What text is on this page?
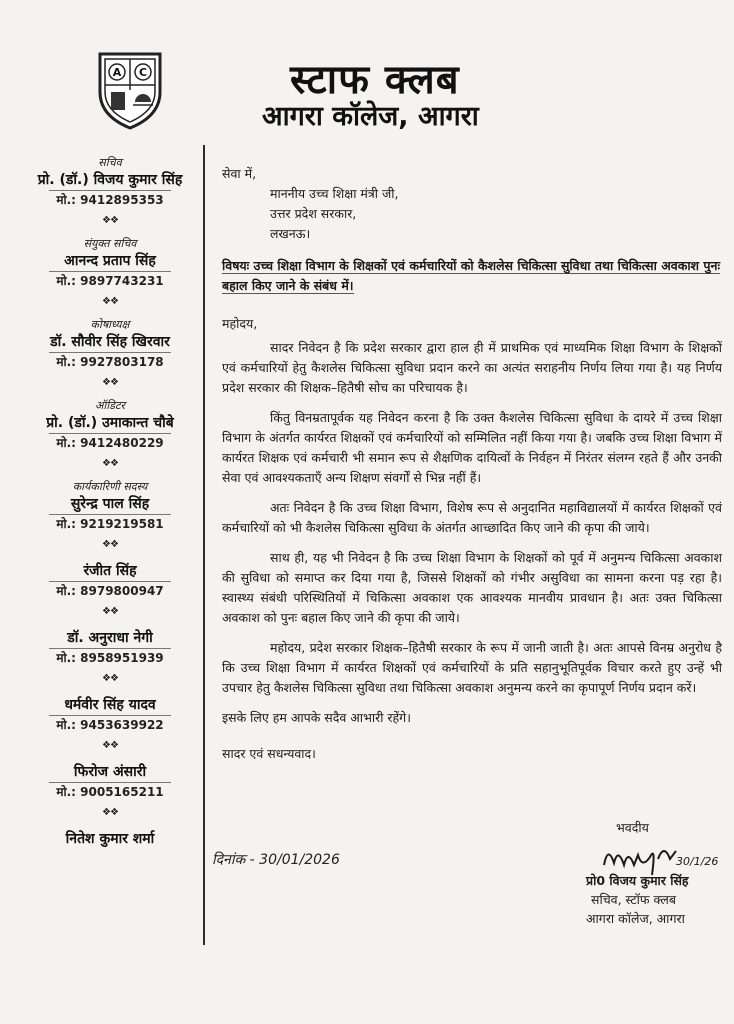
A C	स्टाफ क्लब
आगरा कॉलेज, आगरा
सचिव
प्रो. (डॉ.) विजय कुमार सिंह
मो.: 9412895353
❖❖
संयुक्त सचिव
आनन्द प्रताप सिंह
मो.: 9897743231
❖❖
कोषाध्यक्ष
डॉ. सौवीर सिंह खिरवार
मो.: 9927803178
❖❖
ऑडिटर
प्रो. (डॉ.) उमाकान्त चौबे
मो.: 9412480229
❖❖
कार्यकारिणी सदस्य
सुरेन्द्र पाल सिंह
मो.: 9219219581
❖❖
रंजीत सिंह
मो.: 8979800947
❖❖
डॉ. अनुराधा नेगी
मो.: 8958951939
❖❖
धर्मवीर सिंह यादव
मो.: 9453639922
❖❖
फिरोज अंसारी
मो.: 9005165211
❖❖
नितेश कुमार शर्मा

सेवा में,

माननीय उच्च शिक्षा मंत्री जी,

उत्तर प्रदेश सरकार,

लखनऊ।

विषयः उच्च शिक्षा विभाग के शिक्षकों एवं कर्मचारियों को कैशलेस चिकित्सा सुविधा तथा चिकित्सा अवकाश पुनः बहाल किए जाने के संबंध में।

महोदय,

सादर निवेदन है कि प्रदेश सरकार द्वारा हाल ही में प्राथमिक एवं माध्यमिक शिक्षा विभाग के शिक्षकों एवं कर्मचारियों हेतु कैशलेस चिकित्सा सुविधा प्रदान करने का अत्यंत सराहनीय निर्णय लिया गया है। यह निर्णय प्रदेश सरकार की शिक्षक–हितैषी सोच का परिचायक है।

किंतु विनम्रतापूर्वक यह निवेदन करना है कि उक्त कैशलेस चिकित्सा सुविधा के दायरे में उच्च शिक्षा विभाग के अंतर्गत कार्यरत शिक्षकों एवं कर्मचारियों को सम्मिलित नहीं किया गया है। जबकि उच्च शिक्षा विभाग में कार्यरत शिक्षक एवं कर्मचारी भी समान रूप से शैक्षणिक दायित्वों के निर्वहन में निरंतर संलग्न रहते हैं और उनकी सेवा एवं आवश्यकताएँ अन्य शिक्षण संवर्गों से भिन्न नहीं हैं।

अतः निवेदन है कि उच्च शिक्षा विभाग, विशेष रूप से अनुदानित महाविद्यालयों में कार्यरत शिक्षकों एवं कर्मचारियों को भी कैशलेस चिकित्सा सुविधा के अंतर्गत आच्छादित किए जाने की कृपा की जाये।

साथ ही, यह भी निवेदन है कि उच्च शिक्षा विभाग के शिक्षकों को पूर्व में अनुमन्य चिकित्सा अवकाश की सुविधा को समाप्त कर दिया गया है, जिससे शिक्षकों को गंभीर असुविधा का सामना करना पड़ रहा है। स्वास्थ्य संबंधी परिस्थितियों में चिकित्सा अवकाश एक आवश्यक मानवीय प्रावधान है। अतः उक्त चिकित्सा अवकाश को पुनः बहाल किए जाने की कृपा की जाये।

महोदय, प्रदेश सरकार शिक्षक–हितैषी सरकार के रूप में जानी जाती है। अतः आपसे विनम्र अनुरोध है कि उच्च शिक्षा विभाग में कार्यरत शिक्षकों एवं कर्मचारियों के प्रति सहानुभूतिपूर्वक विचार करते हुए उन्हें भी उपचार हेतु कैशलेस चिकित्सा सुविधा तथा चिकित्सा अवकाश अनुमन्य करने का कृपापूर्ण निर्णय प्रदान करें।

इसके लिए हम आपके सदैव आभारी रहेंगे।

सादर एवं सधन्यवाद।

दिनांक - 30/01/2026
भवदीय
प्रो0 विजय कुमार सिंह
सचिव, स्टॉफ क्लब
आगरा कॉलेज, आगरा
30/1/26
